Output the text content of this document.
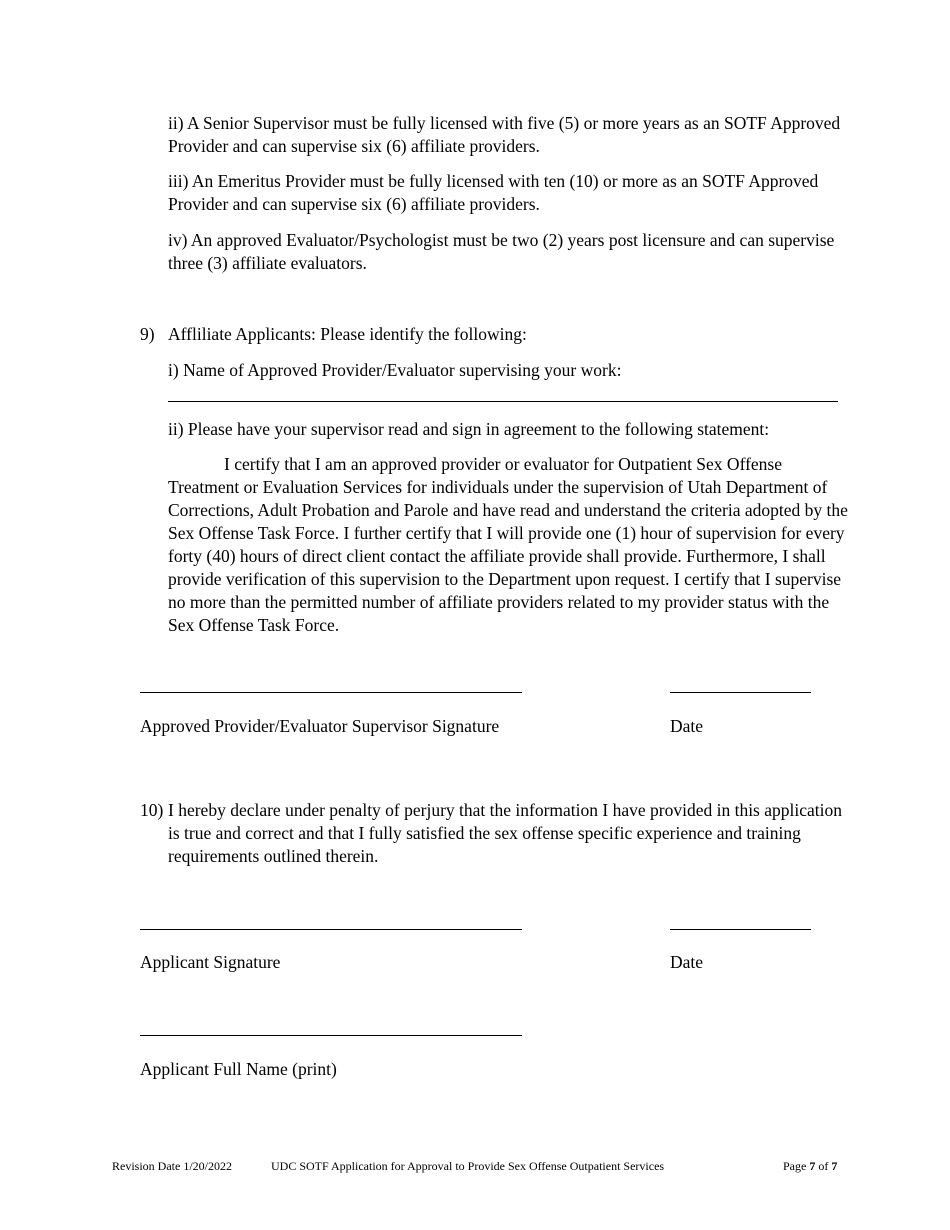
ii) A Senior Supervisor must be fully licensed with five (5) or more years as an SOTF Approved Provider and can supervise six (6) affiliate providers.
iii) An Emeritus Provider must be fully licensed with ten (10) or more as an SOTF Approved Provider and can supervise six (6) affiliate providers.
iv) An approved Evaluator/Psychologist must be two (2) years post licensure and can supervise three (3) affiliate evaluators.
9) Affliliate Applicants: Please identify the following:
i) Name of Approved Provider/Evaluator supervising your work:
ii) Please have your supervisor read and sign in agreement to the following statement:
I certify that I am an approved provider or evaluator for Outpatient Sex Offense Treatment or Evaluation Services for individuals under the supervision of Utah Department of Corrections, Adult Probation and Parole and have read and understand the criteria adopted by the Sex Offense Task Force. I further certify that I will provide one (1) hour of supervision for every forty (40) hours of direct client contact the affiliate provide shall provide. Furthermore, I shall provide verification of this supervision to the Department upon request. I certify that I supervise no more than the permitted number of affiliate providers related to my provider status with the Sex Offense Task Force.
Approved Provider/Evaluator Supervisor Signature	Date
10) I hereby declare under penalty of perjury that the information I have provided in this application is true and correct and that I fully satisfied the sex offense specific experience and training requirements outlined therein.
Applicant Signature	Date
Applicant Full Name (print)
Revision Date 1/20/2022	UDC SOTF Application for Approval to Provide Sex Offense Outpatient Services	Page 7 of 7
